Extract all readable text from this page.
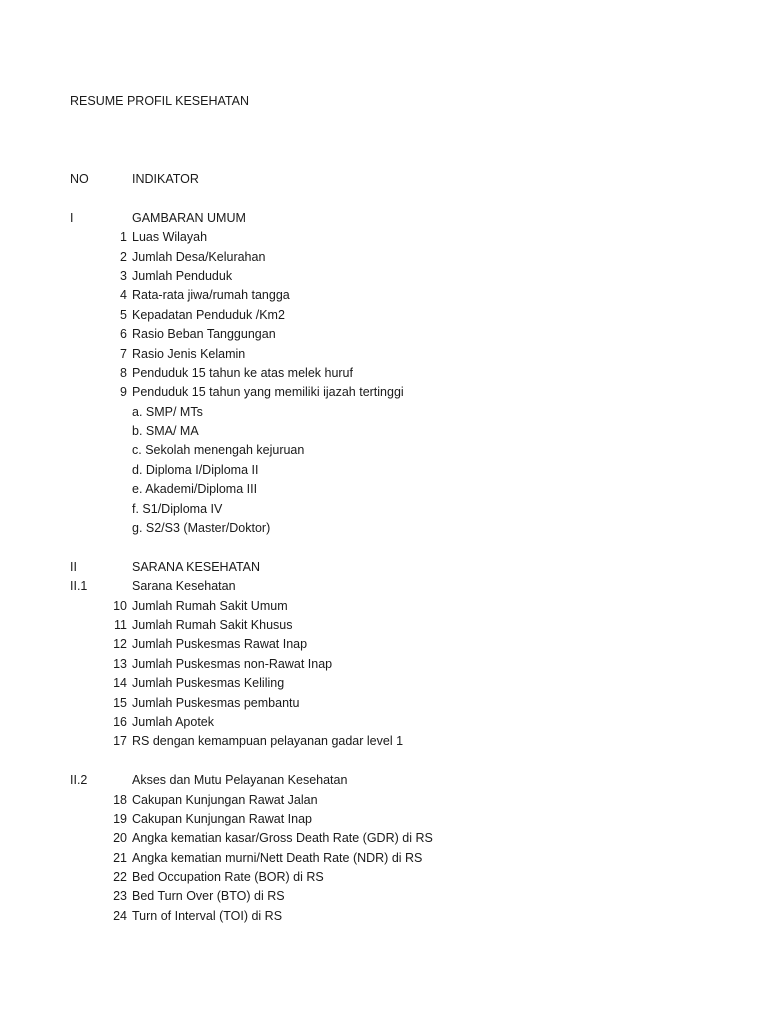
RESUME PROFIL KESEHATAN
NO	INDIKATOR
I	GAMBARAN UMUM
1 Luas Wilayah
2 Jumlah Desa/Kelurahan
3 Jumlah Penduduk
4 Rata-rata jiwa/rumah tangga
5 Kepadatan Penduduk /Km2
6 Rasio Beban Tanggungan
7 Rasio Jenis Kelamin
8 Penduduk 15 tahun ke atas melek huruf
9 Penduduk 15 tahun yang memiliki ijazah tertinggi
a. SMP/ MTs
b. SMA/ MA
c. Sekolah menengah kejuruan
d. Diploma I/Diploma II
e. Akademi/Diploma III
f. S1/Diploma IV
g. S2/S3 (Master/Doktor)
II	SARANA KESEHATAN
II.1	Sarana Kesehatan
10 Jumlah Rumah Sakit Umum
11 Jumlah Rumah Sakit Khusus
12 Jumlah Puskesmas Rawat Inap
13 Jumlah Puskesmas non-Rawat Inap
14 Jumlah Puskesmas Keliling
15 Jumlah Puskesmas pembantu
16 Jumlah Apotek
17 RS dengan kemampuan pelayanan gadar level 1
II.2	Akses dan Mutu Pelayanan Kesehatan
18 Cakupan Kunjungan Rawat Jalan
19 Cakupan Kunjungan Rawat Inap
20 Angka kematian kasar/Gross Death Rate (GDR) di RS
21 Angka kematian murni/Nett Death Rate (NDR) di RS
22 Bed Occupation Rate (BOR) di RS
23 Bed Turn Over (BTO) di RS
24 Turn of Interval (TOI) di RS
